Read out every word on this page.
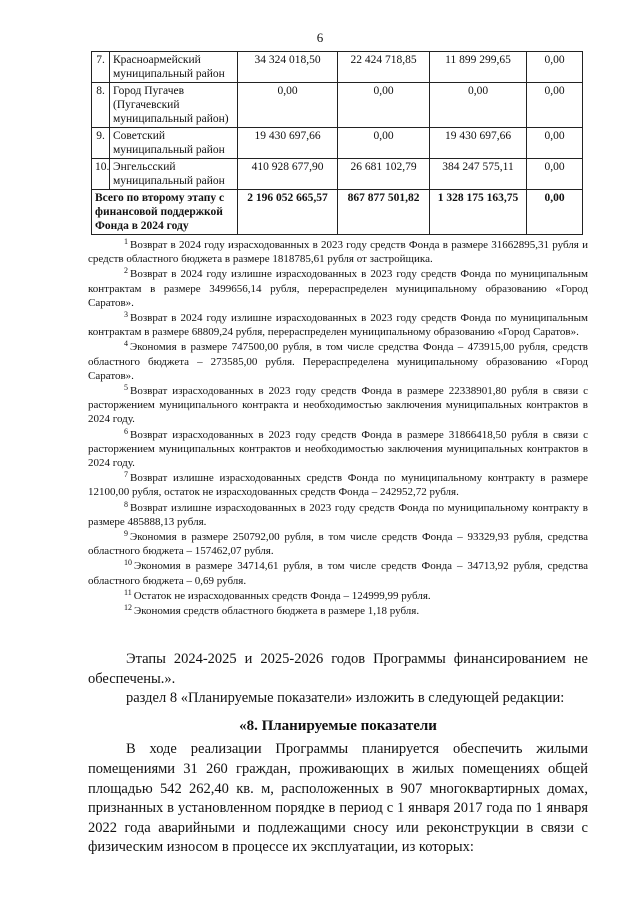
6
7.	Красноармейский муниципальный район	34 324 018,50	22 424 718,85	11 899 299,65	0,00
8.	Город Пугачев (Пугачевский муниципальный район)	0,00	0,00	0,00	0,00
9.	Советский муниципальный район	19 430 697,66	0,00	19 430 697,66	0,00
10.	Энгельсский муниципальный район	410 928 677,90	26 681 102,79	384 247 575,11	0,00
Всего по второму этапу с финансовой поддержкой Фонда в 2024 году		2 196 052 665,57	867 877 501,82	1 328 175 163,75	0,00

$^1$ Возврат в 2024 году израсходованных в 2023 году средств Фонда в размере 31662895,31 рубля и средств областного бюджета в размере 1818785,61 рубля от застройщика.

$^2$ Возврат в 2024 году излишне израсходованных в 2023 году средств Фонда по муниципальным контрактам в размере 3499656,14 рубля, перераспределен муниципальному образованию «Город Саратов».

$^3$ Возврат в 2024 году излишне израсходованных в 2023 году средств Фонда по муниципальным контрактам в размере 68809,24 рубля, перераспределен муниципальному образованию «Город Саратов».

$^4$ Экономия в размере 747500,00 рубля, в том числе средства Фонда – 473915,00 рубля, средств областного бюджета – 273585,00 рубля. Перераспределена муниципальному образованию «Город Саратов».

$^5$ Возврат израсходованных в 2023 году средств Фонда в размере 22338901,80 рубля в связи с расторжением муниципального контракта и необходимостью заключения муниципальных контрактов в 2024 году.

$^6$ Возврат израсходованных в 2023 году средств Фонда в размере 31866418,50 рубля в связи с расторжением муниципальных контрактов и необходимостью заключения муниципальных контрактов в 2024 году.

$^7$ Возврат излишне израсходованных средств Фонда по муниципальному контракту в размере 12100,00 рубля, остаток не израсходованных средств Фонда – 242952,72 рубля.

$^8$ Возврат излишне израсходованных в 2023 году средств Фонда по муниципальному контракту в размере 485888,13 рубля.

$^9$ Экономия в размере 250792,00 рубля, в том числе средств Фонда – 93329,93 рубля, средства областного бюджета – 157462,07 рубля.

$^{10}$ Экономия в размере 34714,61 рубля, в том числе средств Фонда – 34713,92 рубля, средства областного бюджета – 0,69 рубля.

$^{11}$ Остаток не израсходованных средств Фонда – 124999,99 рубля.

$^{12}$ Экономия средств областного бюджета в размере 1,18 рубля.

Этапы 2024-2025 и 2025-2026 годов Программы финансированием не обеспечены.».

раздел 8 «Планируемые показатели» изложить в следующей редакции:

«8. Планируемые показатели

В ходе реализации Программы планируется обеспечить жилыми помещениями 31 260 граждан, проживающих в жилых помещениях общей площадью 542 262,40 кв. м, расположенных в 907 многоквартирных домах, признанных в установленном порядке в период с 1 января 2017 года по 1 января 2022 года аварийными и подлежащими сносу или реконструкции в связи с физическим износом в процессе их эксплуатации, из которых:
